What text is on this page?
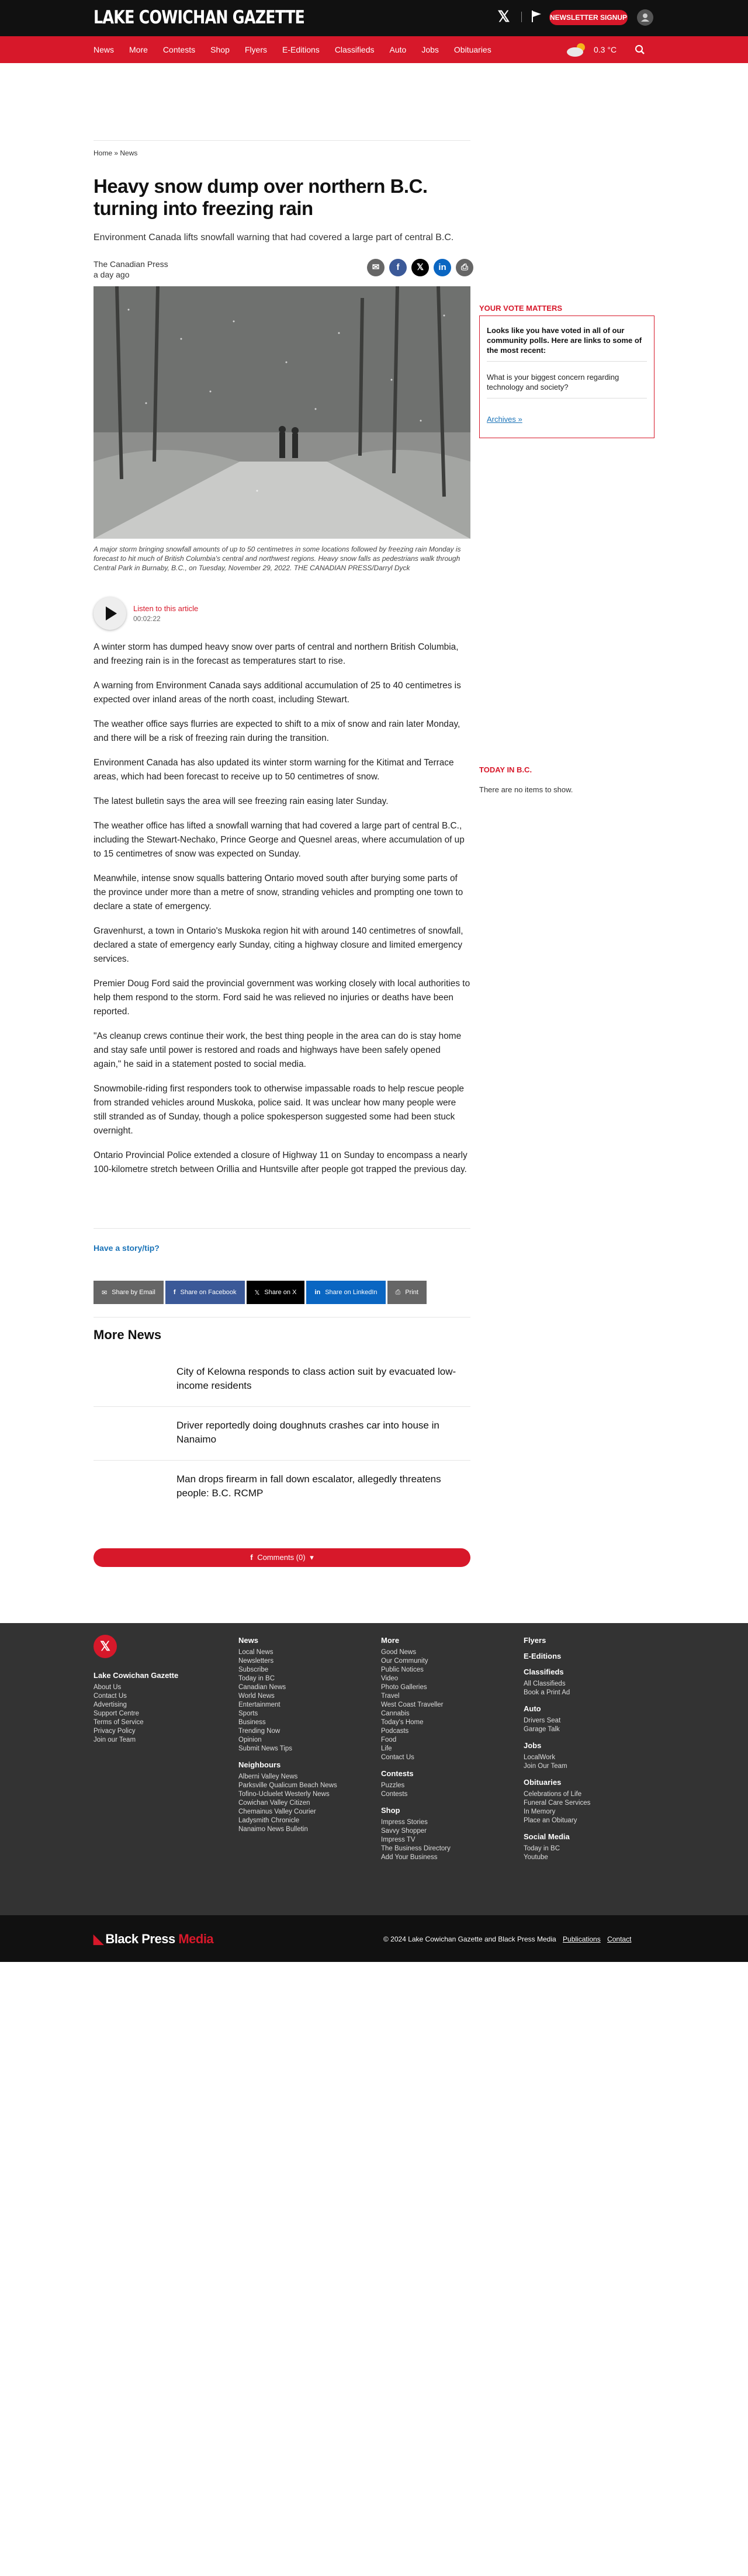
LAKE COWICHAN GAZETTE	𝕏	NEWSLETTER SIGNUP
News More Contests Shop Flyers E-Editions Classifieds Auto Jobs Obituaries	0.3 °C
Home » News
Heavy snow dump over northern B.C. turning into freezing rain
Environment Canada lifts snowfall warning that had covered a large part of central B.C.
The Canadian Press
a day ago
✉	f	𝕏	in	⎙
A major storm bringing snowfall amounts of up to 50 centimetres in some locations followed by freezing rain Monday is forecast to hit much of British Columbia's central and northwest regions. Heavy snow falls as pedestrians walk through Central Park in Burnaby, B.C., on Tuesday, November 29, 2022. THE CANADIAN PRESS/Darryl Dyck
Listen to this article
00:02:22

A winter storm has dumped heavy snow over parts of central and northern British Columbia, and freezing rain is in the forecast as temperatures start to rise.

A warning from Environment Canada says additional accumulation of 25 to 40 centimetres is expected over inland areas of the north coast, including Stewart.

The weather office says flurries are expected to shift to a mix of snow and rain later Monday, and there will be a risk of freezing rain during the transition.

Environment Canada has also updated its winter storm warning for the Kitimat and Terrace areas, which had been forecast to receive up to 50 centimetres of snow.

The latest bulletin says the area will see freezing rain easing later Sunday.

The weather office has lifted a snowfall warning that had covered a large part of central B.C., including the Stewart-Nechako, Prince George and Quesnel areas, where accumulation of up to 15 centimetres of snow was expected on Sunday.

Meanwhile, intense snow squalls battering Ontario moved south after burying some parts of the province under more than a metre of snow, stranding vehicles and prompting one town to declare a state of emergency.

Gravenhurst, a town in Ontario's Muskoka region hit with around 140 centimetres of snowfall, declared a state of emergency early Sunday, citing a highway closure and limited emergency services.

Premier Doug Ford said the provincial government was working closely with local authorities to help them respond to the storm. Ford said he was relieved no injuries or deaths have been reported.

"As cleanup crews continue their work, the best thing people in the area can do is stay home and stay safe until power is restored and roads and highways have been safely opened again," he said in a statement posted to social media.

Snowmobile-riding first responders took to otherwise impassable roads to help rescue people from stranded vehicles around Muskoka, police said. It was unclear how many people were still stranded as of Sunday, though a police spokesperson suggested some had been stuck overnight.

Ontario Provincial Police extended a closure of Highway 11 on Sunday to encompass a nearly 100-kilometre stretch between Orillia and Huntsville after people got trapped the previous day.

Have a story/tip?
✉ Share by Email	f Share on Facebook	𝕏 Share on X	in Share on LinkedIn	⎙ Print
More News
City of Kelowna responds to class action suit by evacuated low-income residents
Driver reportedly doing doughnuts crashes car into house in Nanaimo
Man drops firearm in fall down escalator, allegedly threatens people: B.C. RCMP
f Comments (0) ▾
YOUR VOTE MATTERS
Looks like you have voted in all of our community polls. Here are links to some of the most recent:
What is your biggest concern regarding technology and society?
Archives »
TODAY IN B.C.
There are no items to show.
𝕏
Lake Cowichan Gazette
About Us
Contact Us
Advertising
Support Centre
Terms of Service
Privacy Policy
Join our Team
News
Local News
Newsletters
Subscribe
Today in BC
Canadian News
World News
Entertainment
Sports
Business
Trending Now
Opinion
Submit News Tips
Neighbours
Alberni Valley News
Parksville Qualicum Beach News
Tofino-Ucluelet Westerly News
Cowichan Valley Citizen
Chemainus Valley Courier
Ladysmith Chronicle
Nanaimo News Bulletin
More
Good News
Our Community
Public Notices
Video
Photo Galleries
Travel
West Coast Traveller
Cannabis
Today's Home
Podcasts
Food
Life
Contact Us
Contests
Puzzles
Contests
Shop
Impress Stories
Savvy Shopper
Impress TV
The Business Directory
Add Your Business
Flyers
E-Editions
Classifieds
All Classifieds
Book a Print Ad
Auto
Drivers Seat
Garage Talk
Jobs
LocalWork
Join Our Team
Obituaries
Celebrations of Life
Funeral Care Services
In Memory
Place an Obituary
Social Media
Today in BC
Youtube
◣ Black Press Media	© 2024 Lake Cowichan Gazette and Black Press Media Publications Contact
